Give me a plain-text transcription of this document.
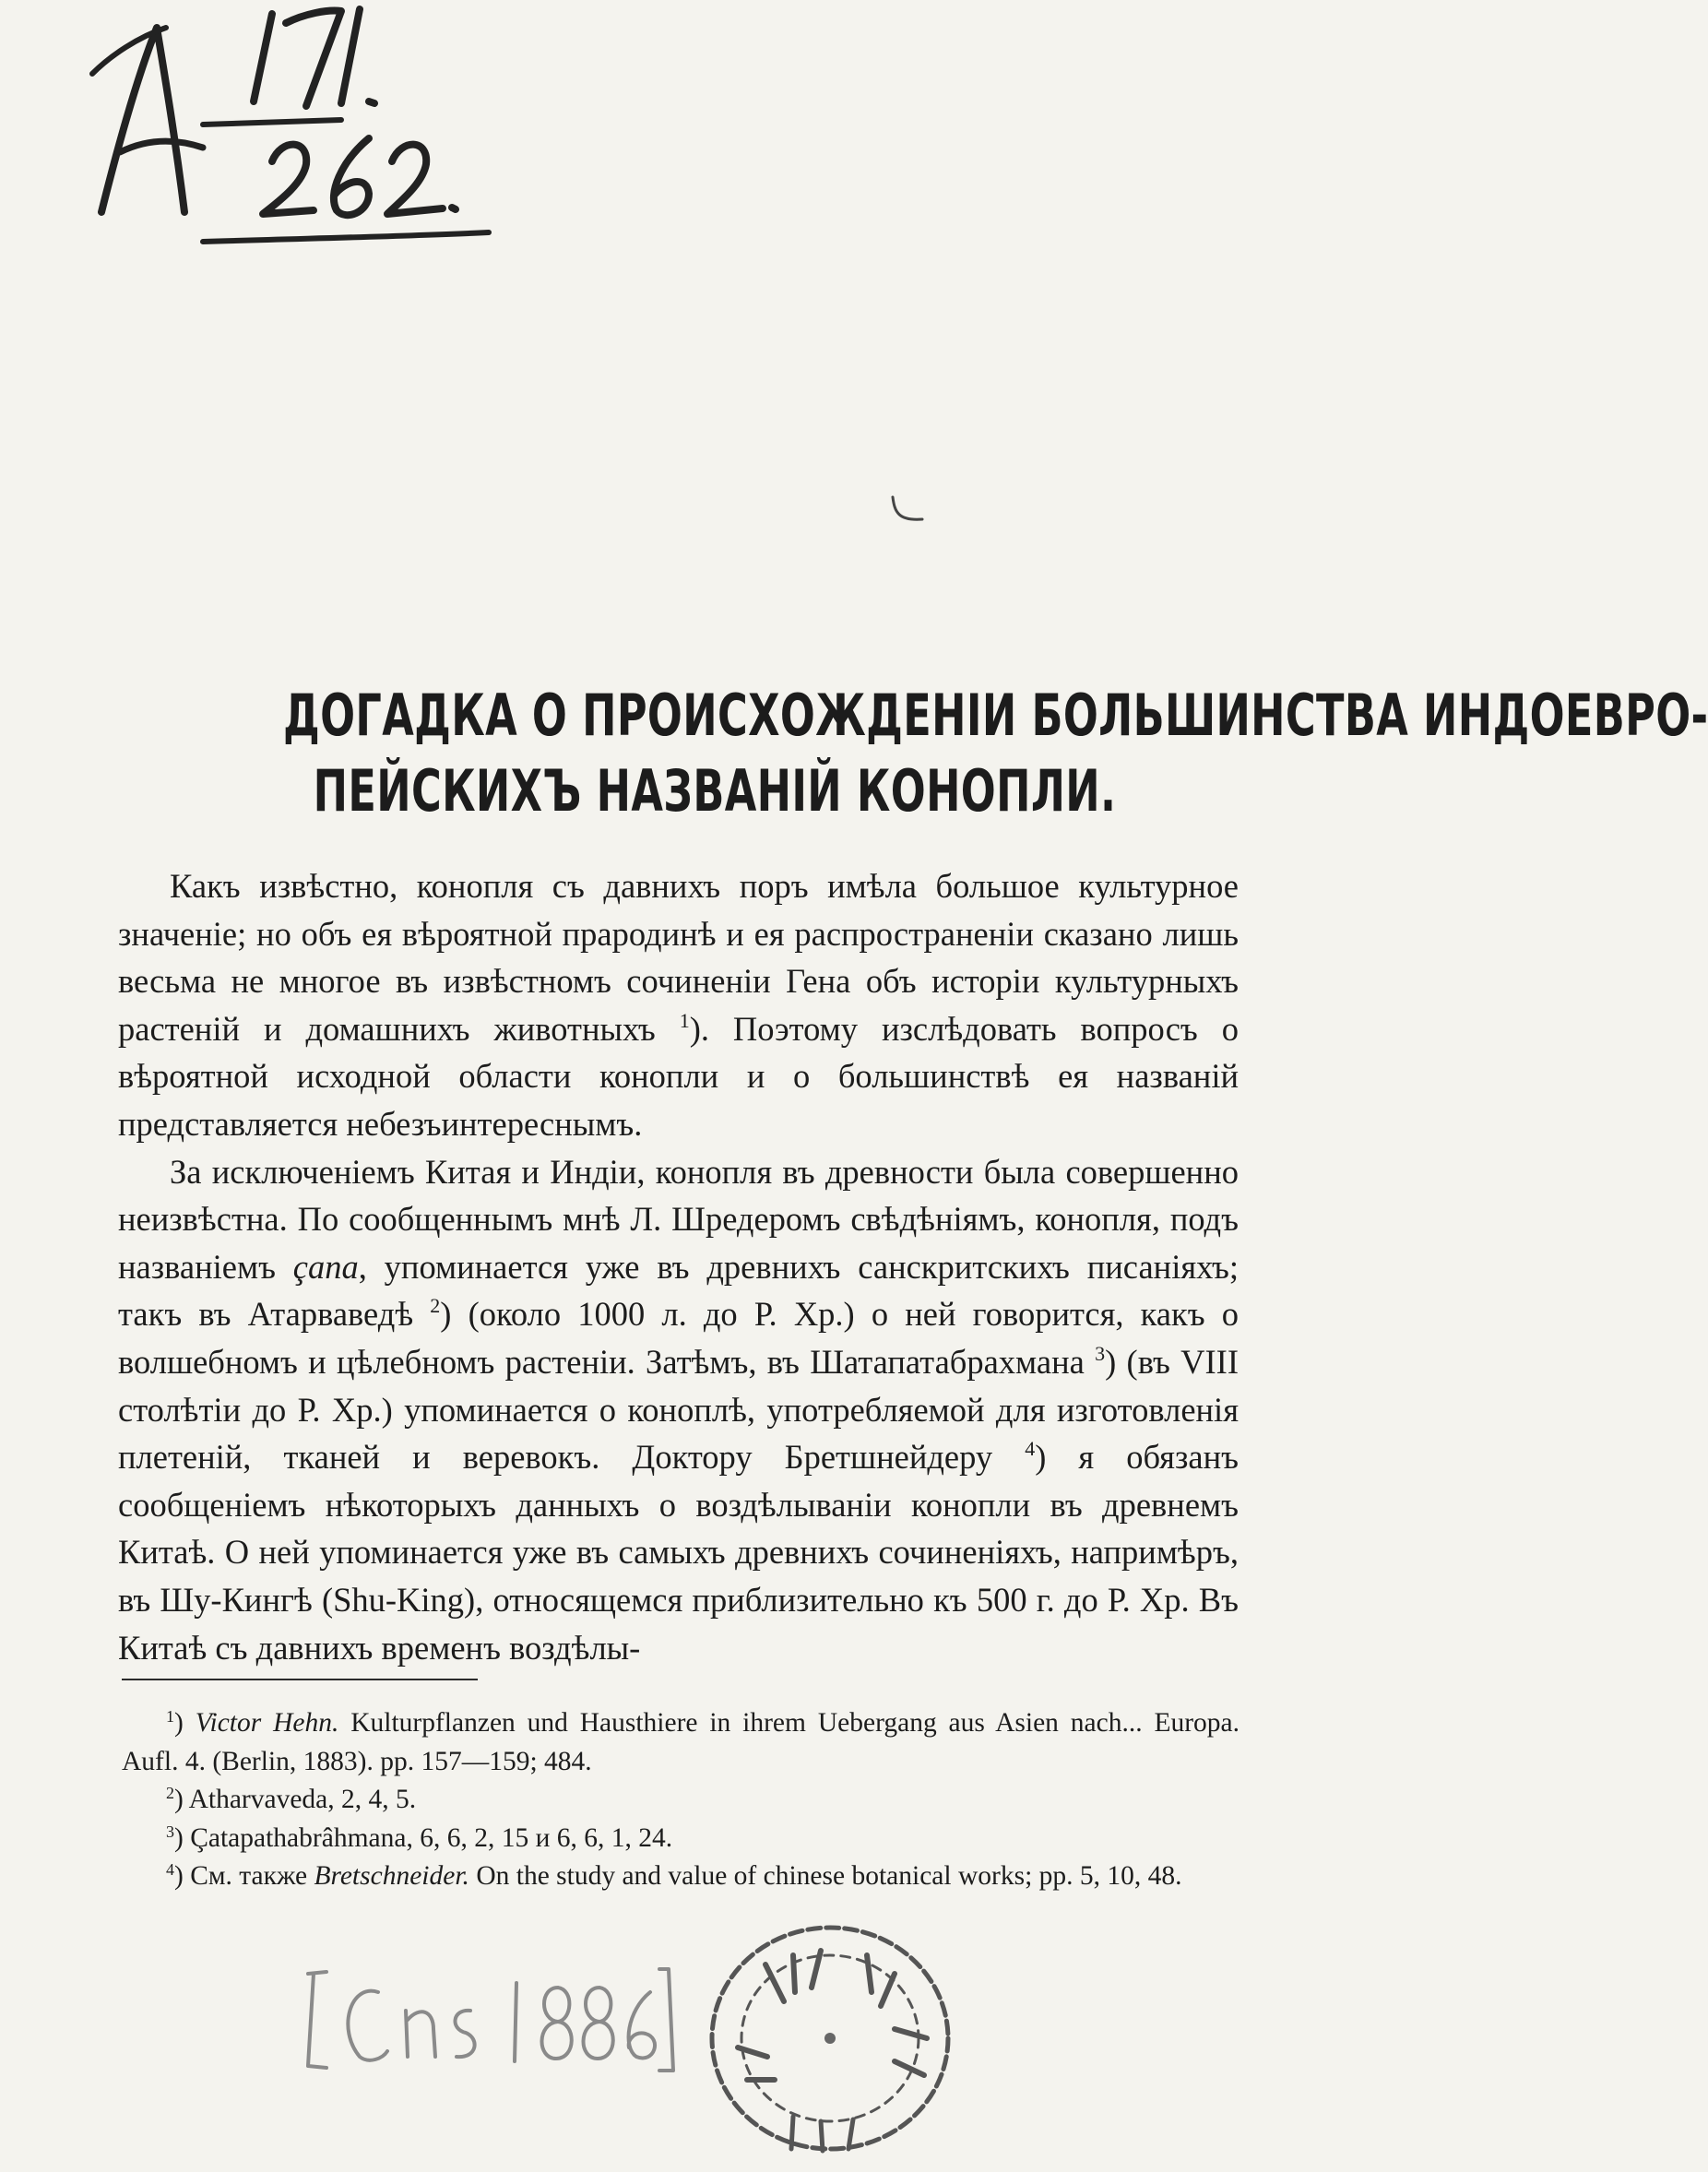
ДОГАДКА О ПРОИСХОЖДЕНІИ БОЛЬШИНСТВА ИНДОЕВРО-
ПЕЙСКИХЪ НАЗВАНІЙ КОНОПЛИ.

Какъ извѣстно, конопля съ давнихъ поръ имѣла большое культурное значеніе; но объ ея вѣроятной прародинѣ и ея распространеніи сказано лишь весьма не многое въ извѣстномъ сочиненіи Гена объ исторіи культурныхъ растеній и домашнихъ животныхъ $^1$). Поэтому изслѣдовать вопросъ о вѣроятной исходной области конопли и о большинствѣ ея названій представляется небезъинтереснымъ.

За исключеніемъ Китая и Индіи, конопля въ древности была совершенно неизвѣстна. По сообщеннымъ мнѣ Л. Шредеромъ свѣдѣніямъ, конопля, подъ названіемъ çana, упоминается уже въ древнихъ санскритскихъ писаніяхъ; такъ въ Атарваведѣ $^2$) (около 1000 л. до Р. Хр.) о ней говорится, какъ о волшебномъ и цѣлебномъ растеніи. Затѣмъ, въ Шатапатабрахмана $^3$) (въ VIII столѣтіи до Р. Хр.) упоминается о коноплѣ, употребляемой для изготовленія плетеній, тканей и веревокъ. Доктору Бретшнейдеру $^4$) я обязанъ сообщеніемъ нѣкоторыхъ данныхъ о воздѣлываніи конопли въ древнемъ Китаѣ. О ней упоминается уже въ самыхъ древнихъ сочиненіяхъ, напримѣръ, въ Шу-Кингѣ (Shu-King), относящемся приблизительно къ 500 г. до Р. Хр. Въ Китаѣ съ давнихъ временъ воздѣлы-

$^1$) Victor Hehn. Kulturpflanzen und Hausthiere in ihrem Uebergang aus Asien nach... Europa. Aufl. 4. (Berlin, 1883). pp. 157—159; 484.
$^2$) Atharvaveda, 2, 4, 5.
$^3$) Çatapathabrâhmana, 6, 6, 2, 15 и 6, 6, 1, 24.
$^4$) См. также Bretschneider. On the study and value of chinese botanical works; pp. 5, 10, 48.
